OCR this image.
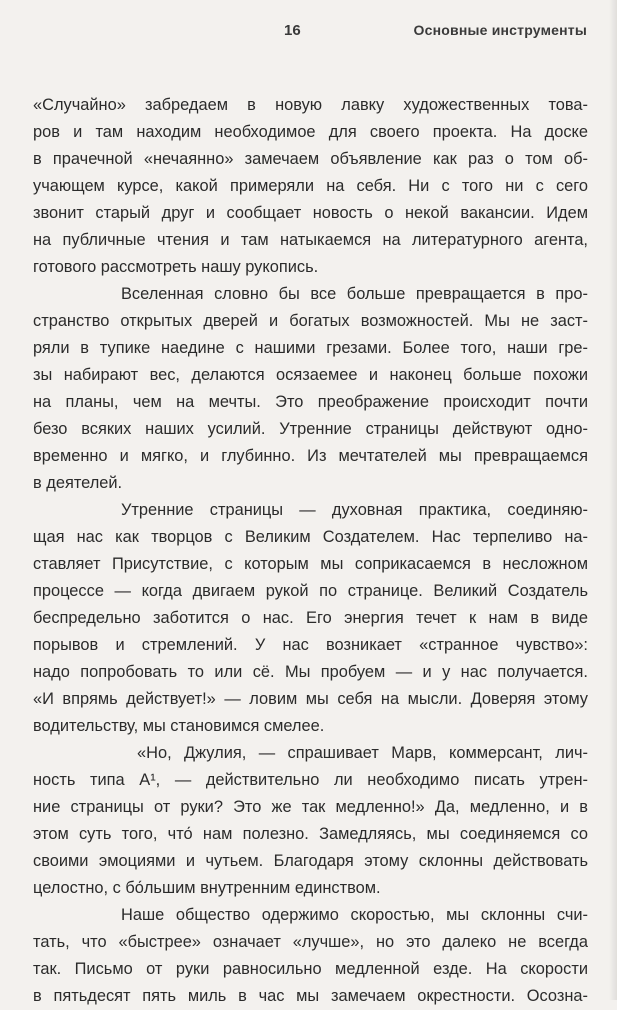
16	Основные инструменты
«Случайно» забредаем в новую лавку художественных това-
ров и там находим необходимое для своего проекта. На доске
в прачечной «нечаянно» замечаем объявление как раз о том об-
учающем курсе, какой примеряли на себя. Ни с того ни с сего
звонит старый друг и сообщает новость о некой вакансии. Идем
на публичные чтения и там натыкаемся на литературного агента,
готового рассмотреть нашу рукопись.
Вселенная словно бы все больше превращается в про-
странство открытых дверей и богатых возможностей. Мы не заст-
ряли в тупике наедине с нашими грезами. Более того, наши гре-
зы набирают вес, делаются осязаемее и наконец больше похожи
на планы, чем на мечты. Это преображение происходит почти
безо всяких наших усилий. Утренние страницы действуют одно-
временно и мягко, и глубинно. Из мечтателей мы превращаемся
в деятелей.
Утренние страницы — духовная практика, соединяю-
щая нас как творцов с Великим Создателем. Нас терпеливо на-
ставляет Присутствие, с которым мы соприкасаемся в несложном
процессе — когда двигаем рукой по странице. Великий Создатель
беспредельно заботится о нас. Его энергия течет к нам в виде
порывов и стремлений. У нас возникает «странное чувство»:
надо попробовать то или сё. Мы пробуем — и у нас получается.
«И впрямь действует!» — ловим мы себя на мысли. Доверяя этому
водительству, мы становимся смелее.
«Но, Джулия, — спрашивает Марв, коммерсант, лич-
ность типа А¹, — действительно ли необходимо писать утрен-
ние страницы от руки? Это же так медленно!» Да, медленно, и в
этом суть того, что́ нам полезно. Замедляясь, мы соединяемся со
своими эмоциями и чутьем. Благодаря этому склонны действовать
целостно, с бо́льшим внутренним единством.
Наше общество одержимо скоростью, мы склонны счи-
тать, что «быстрее» означает «лучше», но это далеко не всегда
так. Письмо от руки равносильно медленной езде. На скорости
в пятьдесят пять миль в час мы замечаем окрестности. Осозна-
